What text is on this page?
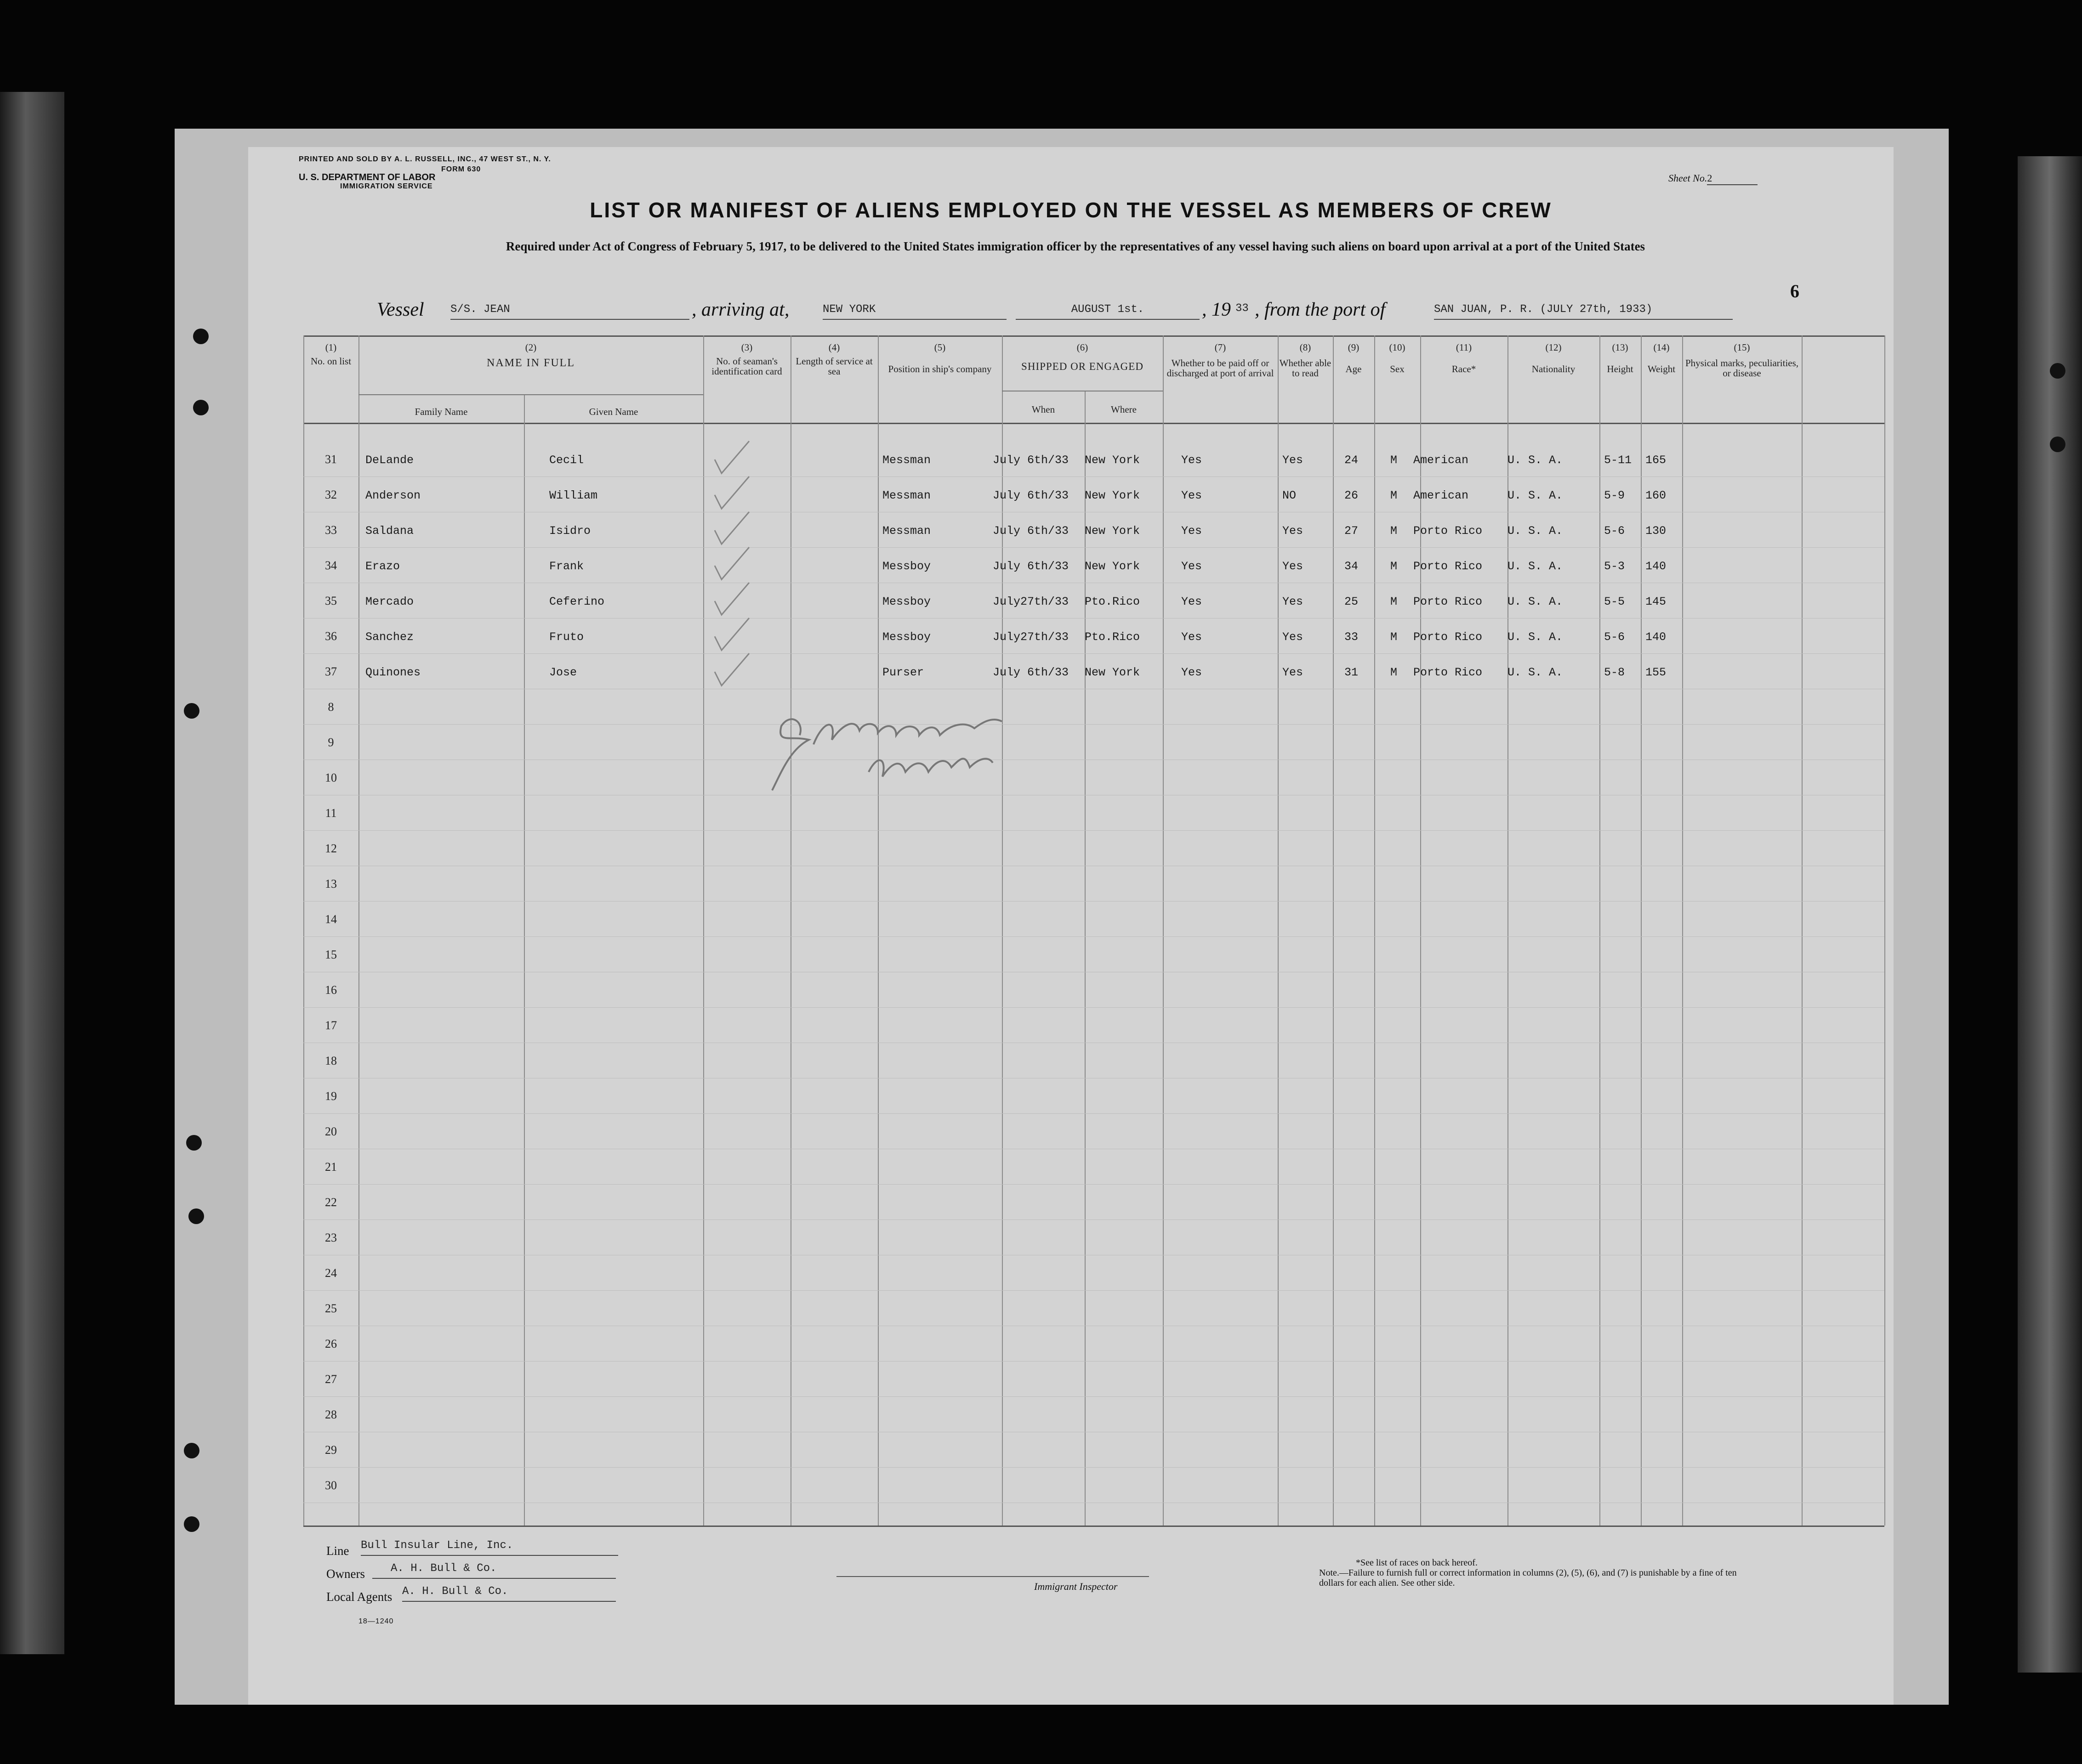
PRINTED AND SOLD BY A. L. RUSSELL, INC., 47 WEST ST., N. Y.
FORM 630
U. S. DEPARTMENT OF LABOR
IMMIGRATION SERVICE
Sheet No.2
6
LIST OR MANIFEST OF ALIENS EMPLOYED ON THE VESSEL AS MEMBERS OF CREW
Required under Act of Congress of February 5, 1917, to be delivered to the United States immigration officer by the representatives of any vessel having such aliens on board upon arrival at a port of the United States
Vessel S/S. JEAN	, arriving at,	NEW YORK	AUGUST 1st.	, 19 33 , from the port of	SAN JUAN, P. R. (JULY 27th, 1933)
(1)
No. on list
(2)
NAME IN FULL
Family Name	Given Name
(3)
No. of seaman's identification card
(4)
Length of service at sea
(5)
Position in ship's company
(6)
SHIPPED OR ENGAGED
When	Where
(7)
Whether to be paid off or discharged at port of arrival
(8)
Whether able to read
(9)
Age
(10)
Sex
(11)
Race*
(12)
Nationality
(13)
Height
(14)
Weight
(15)
Physical marks, peculiarities, or disease
31	DeLande	Cecil	Messman	July 6th/33 New York	Yes	Yes	24	M American	U. S. A.	5-11 165
32	Anderson	William	Messman	July 6th/33 New York	Yes	NO	26	M American	U. S. A.	5-9 160
33	Saldana	Isidro	Messman	July 6th/33 New York	Yes	Yes	27	M Porto Rico U. S. A.	5-6 130
34	Erazo	Frank	Messboy	July 6th/33 New York	Yes	Yes	34	M Porto Rico U. S. A.	5-3 140
35	Mercado	Ceferino	Messboy	July27th/33 Pto.Rico	Yes	Yes	25	M Porto Rico U. S. A.	5-5 145
36	Sanchez	Fruto	Messboy	July27th/33 Pto.Rico	Yes	Yes	33	M Porto Rico U. S. A.	5-6 140
37	Quinones	Jose	Purser	July 6th/33 New York	Yes	Yes	31	M Porto Rico U. S. A.	5-8 155
8
9
10
11
12
13
14
15
16
17
18
19
20
21
22
23
24
25
26
27
28
29
30
Line Bull Insular Line, Inc.
Owners	A. H. Bull & Co.
Local Agents A. H. Bull & Co.
18—1240
Immigrant Inspector
*See list of races on back hereof.
Note.—Failure to furnish full or correct information in columns (2), (5), (6), and (7) is punishable by a fine of ten dollars for each alien. See other side.
